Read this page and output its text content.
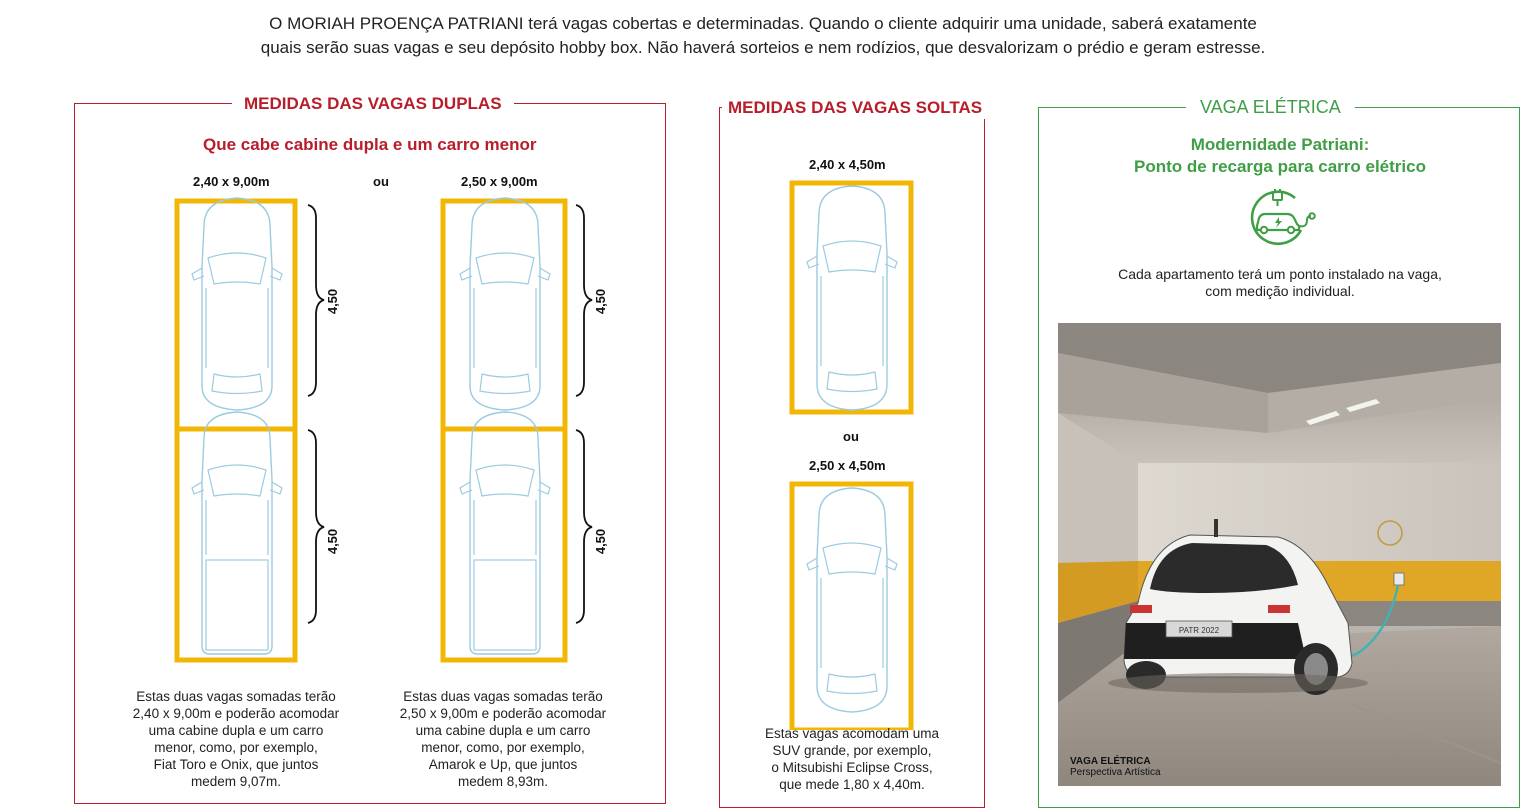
O MORIAH PROENÇA PATRIANI terá vagas cobertas e determinadas. Quando o cliente adquirir uma unidade, saberá exatamente
quais serão suas vagas e seu depósito hobby box. Não haverá sorteios e nem rodízios, que desvalorizam o prédio e geram estresse.
MEDIDAS DAS VAGAS DUPLAS
Que cabe cabine dupla e um carro menor
2,40 x 9,00m	ou	2,50 x 9,00m
4,50
4,50
4,50
4,50
Estas duas vagas somadas terão
2,40 x 9,00m e poderão acomodar
uma cabine dupla e um carro
menor, como, por exemplo,
Fiat Toro e Onix, que juntos
medem 9,07m.
Estas duas vagas somadas terão
2,50 x 9,00m e poderão acomodar
uma cabine dupla e um carro
menor, como, por exemplo,
Amarok e Up, que juntos
medem 8,93m.
MEDIDAS DAS VAGAS SOLTAS
2,40 x 4,50m
ou
2,50 x 4,50m
Estas vagas acomodam uma
SUV grande, por exemplo,
o Mitsubishi Eclipse Cross,
que mede 1,80 x 4,40m.
VAGA ELÉTRICA
Modernidade Patriani:
Ponto de recarga para carro elétrico
Cada apartamento terá um ponto instalado na vaga,
com medição individual.
PATR 2022
VAGA ELÉTRICA
Perspectiva Artística
